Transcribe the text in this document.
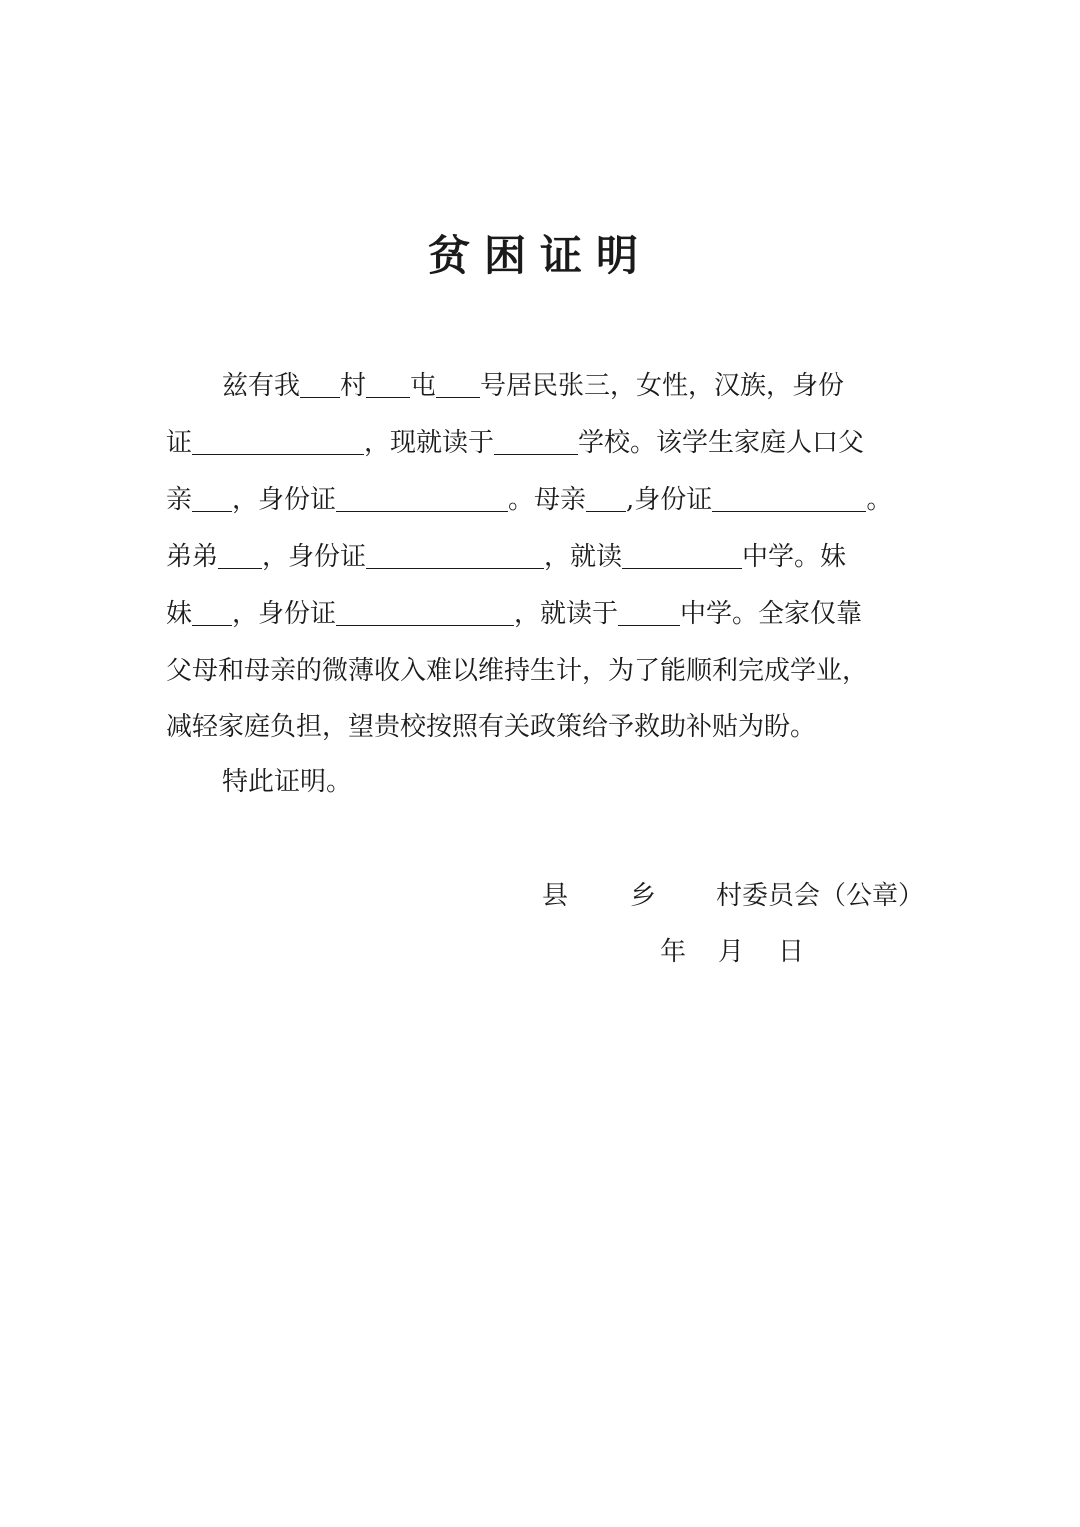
贫困证明
兹有我 村 屯 号居民张三，女性，汉族，身份
证	，现就读于	学校。该学生家庭人口父
亲 ，身份证	。母亲 ,身份证	。
弟弟 ，身份证	，就读	中学。妹
妹 ，身份证	，就读于 中学。全家仅靠
父母和母亲的微薄收入难以维持生计，为了能顺利完成学业，
减轻家庭负担，望贵校按照有关政策给予救助补贴为盼。
特此证明。
县 乡 村委员会（公章）
年 月 日
